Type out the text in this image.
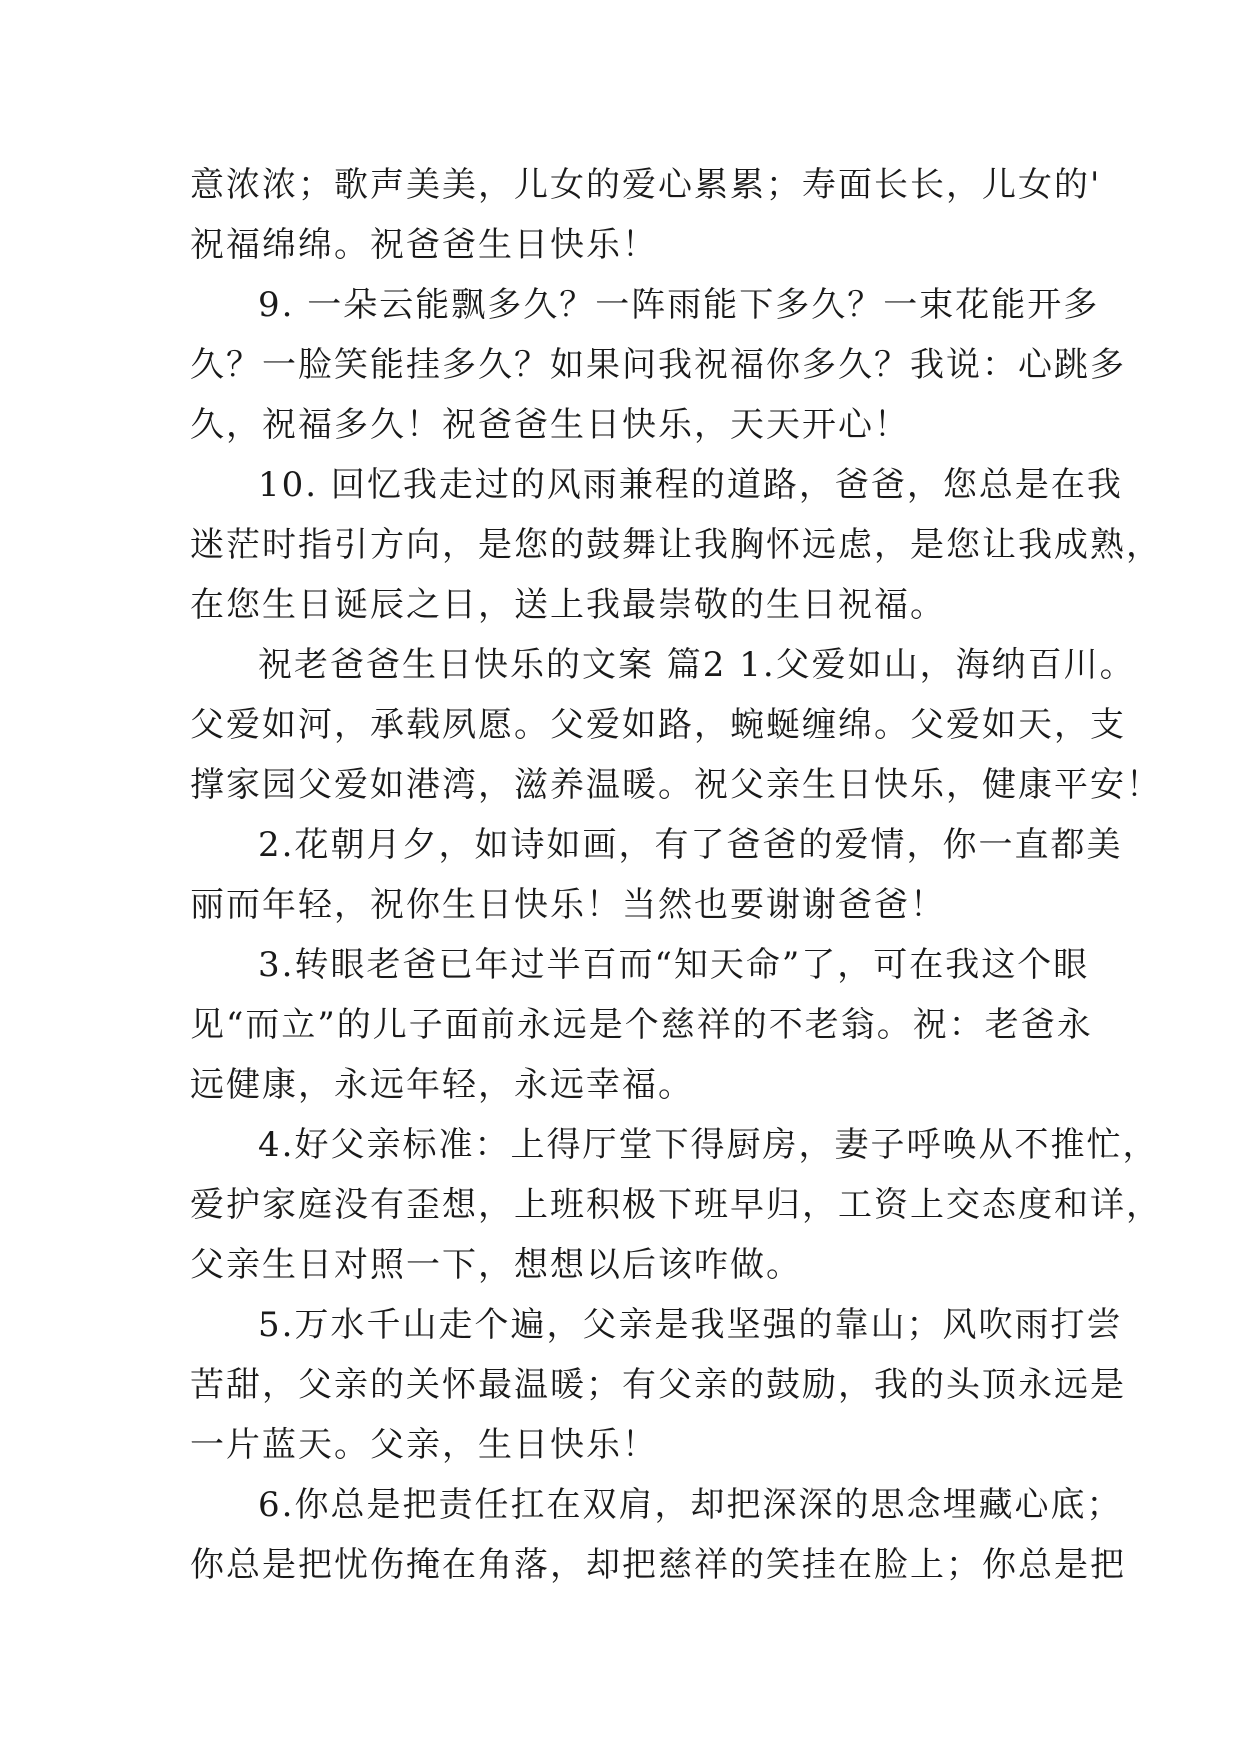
意浓浓；歌声美美，儿女的爱心累累；寿面长长，儿女的'
祝福绵绵。祝爸爸生日快乐！
9. 一朵云能飘多久？一阵雨能下多久？一束花能开多
久？一脸笑能挂多久？如果问我祝福你多久？我说：心跳多
久，祝福多久！祝爸爸生日快乐，天天开心！
10. 回忆我走过的风雨兼程的道路，爸爸，您总是在我
迷茫时指引方向，是您的鼓舞让我胸怀远虑，是您让我成熟，
在您生日诞辰之日，送上我最崇敬的生日祝福。
祝老爸爸生日快乐的文案 篇2 1.父爱如山，海纳百川。
父爱如河，承载夙愿。父爱如路，蜿蜒缠绵。父爱如天，支
撑家园父爱如港湾，滋养温暖。祝父亲生日快乐，健康平安！
2.花朝月夕，如诗如画，有了爸爸的爱情，你一直都美
丽而年轻，祝你生日快乐！当然也要谢谢爸爸！
3.转眼老爸已年过半百而“知天命”了，可在我这个眼
见“而立”的儿子面前永远是个慈祥的不老翁。祝：老爸永
远健康，永远年轻，永远幸福。
4.好父亲标准：上得厅堂下得厨房，妻子呼唤从不推忙，
爱护家庭没有歪想，上班积极下班早归，工资上交态度和详，
父亲生日对照一下，想想以后该咋做。
5.万水千山走个遍，父亲是我坚强的靠山；风吹雨打尝
苦甜，父亲的关怀最温暖；有父亲的鼓励，我的头顶永远是
一片蓝天。父亲，生日快乐！
6.你总是把责任扛在双肩，却把深深的思念埋藏心底；
你总是把忧伤掩在角落，却把慈祥的笑挂在脸上；你总是把
